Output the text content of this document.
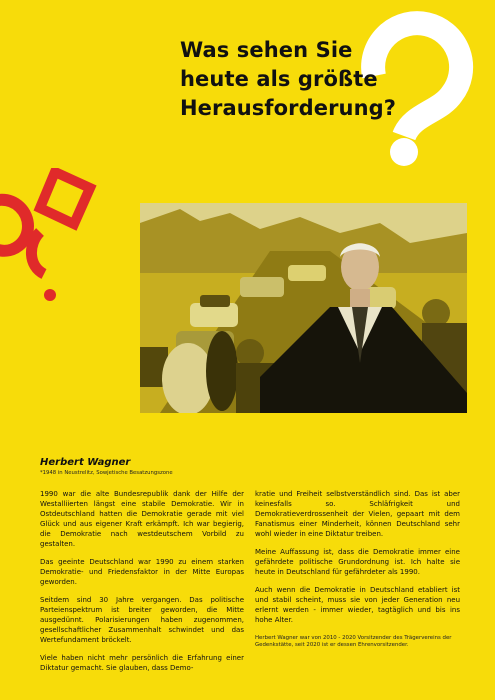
Was sehen Sie
heute als größte
Herausforderung?
Herbert Wagner

*1948 in Neustrelitz, Sowjetische Besatzungszone

1990 war die alte Bundesrepublik dank der Hilfe der Westalliierten längst eine stabile Demokratie. Wir in Ostdeutschland hatten die Demokratie gerade mit viel Glück und aus eigener Kraft erkämpft. Ich war begierig, die Demokratie nach westdeutschem Vorbild zu gestalten.

Das geeinte Deutschland war 1990 zu einem starken Demokratie- und Friedensfaktor in der Mitte Europas geworden.

Seitdem sind 30 Jahre vergangen. Das politische Parteienspektrum ist breiter geworden, die Mitte ausgedünnt. Polarisierungen haben zugenommen, gesellschaftlicher Zusammenhalt schwindet und das Wertefundament bröckelt.

Viele haben nicht mehr persönlich die Erfahrung einer Diktatur gemacht. Sie glauben, dass Demo-

kratie und Freiheit selbstverständlich sind. Das ist aber keinesfalls so. Schläfrigkeit und Demokratieverdrossenheit der Vielen, gepaart mit dem Fanatismus einer Minderheit, können Deutschland sehr wohl wieder in eine Diktatur treiben.

Meine Auffassung ist, dass die Demokratie immer eine gefährdete politische Grundordnung ist. Ich halte sie heute in Deutschland für gefährdeter als 1990.

Auch wenn die Demokratie in Deutschland etabliert ist und stabil scheint, muss sie von jeder Generation neu erlernt werden - immer wieder, tagtäglich und bis ins hohe Alter.

Herbert Wagner war von 2010 - 2020 Vorsitzender des Trägervereins der Gedenkstätte, seit 2020 ist er dessen Ehrenvorsitzender.
